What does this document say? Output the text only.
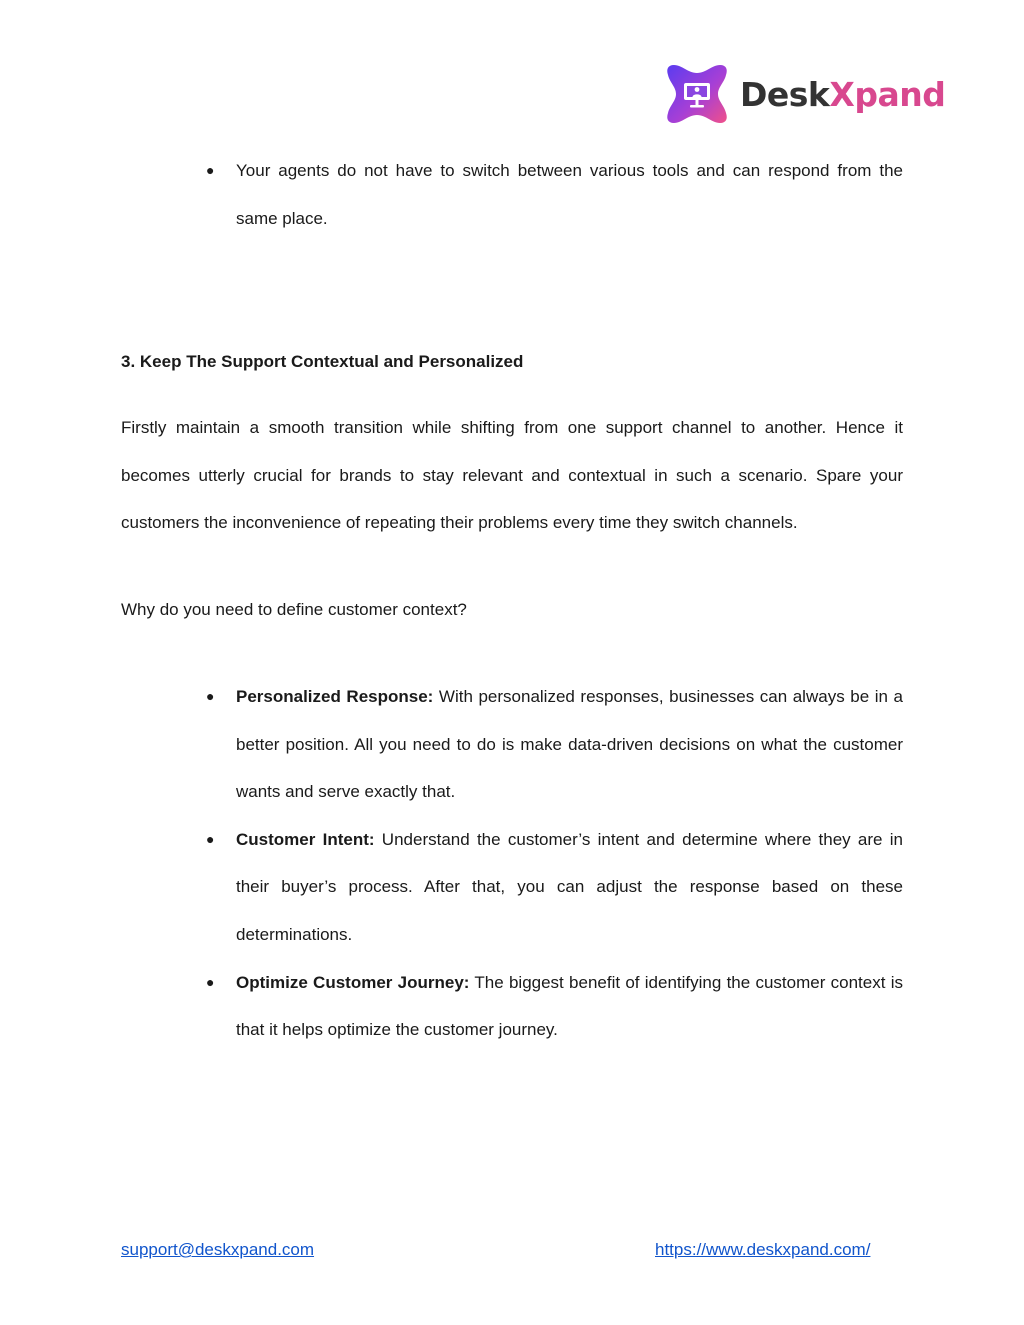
DeskXpand
● Your agents do not have to switch between various tools and can respond from the same place.
3. Keep The Support Contextual and Personalized
Firstly maintain a smooth transition while shifting from one support channel to another. Hence it becomes utterly crucial for brands to stay relevant and contextual in such a scenario. Spare your customers the inconvenience of repeating their problems every time they switch channels.
Why do you need to define customer context?
● Personalized Response: With personalized responses, businesses can always be in a better position. All you need to do is make data-driven decisions on what the customer wants and serve exactly that.
● Customer Intent: Understand the customer’s intent and determine where they are in their buyer’s process. After that, you can adjust the response based on these determinations.
● Optimize Customer Journey: The biggest benefit of identifying the customer context is that it helps optimize the customer journey.
support@deskxpand.com	https://www.deskxpand.com/
